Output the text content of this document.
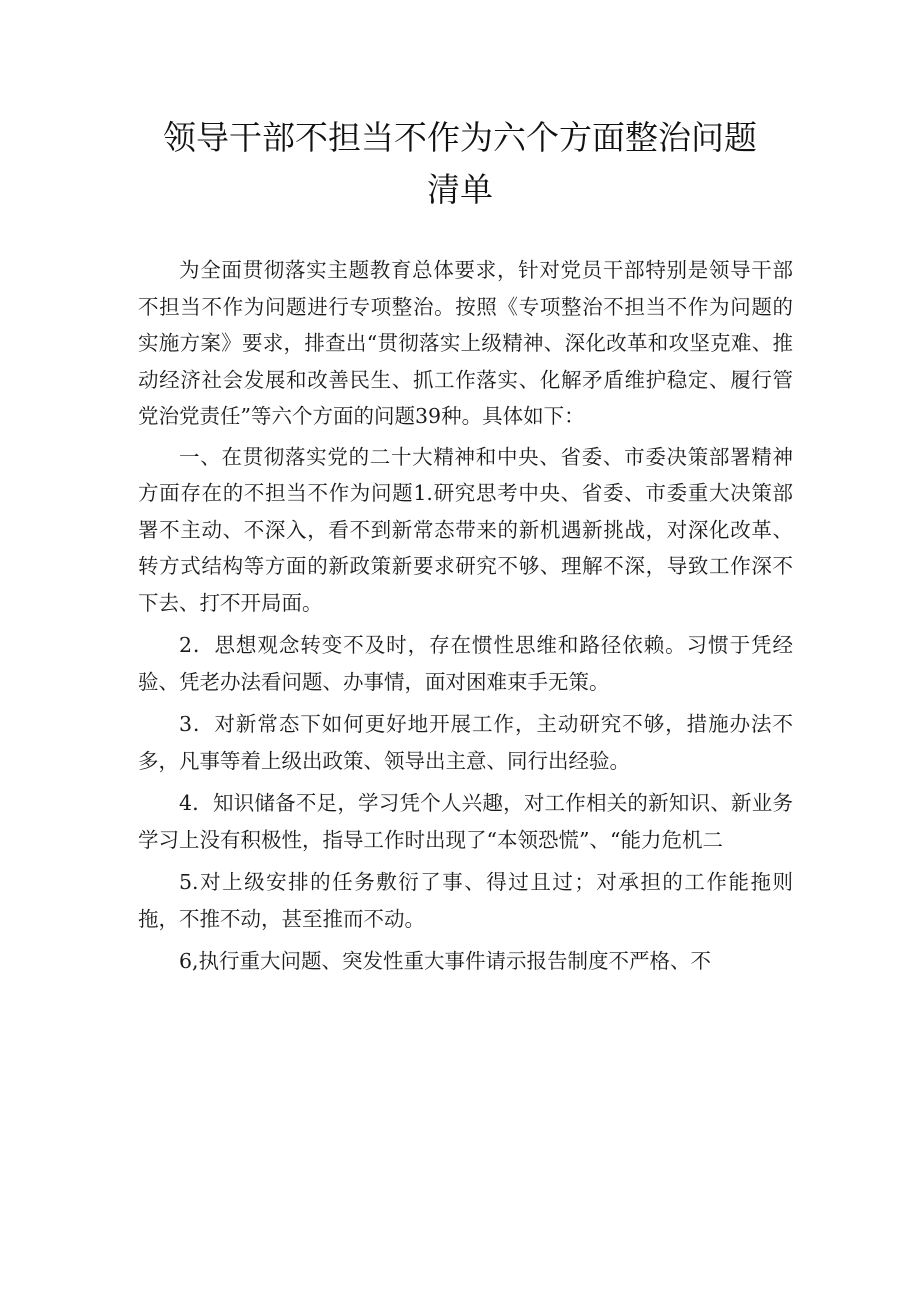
领导干部不担当不作为六个方面整治问题
清单

为全面贯彻落实主题教育总体要求，针对党员干部特别是领导干部不担当不作为问题进行专项整治。按照《专项整治不担当不作为问题的实施方案》要求，排查出“贯彻落实上级精神、深化改革和攻坚克难、推动经济社会发展和改善民生、抓工作落实、化解矛盾维护稳定、履行管党治党责任”等六个方面的问题39种。具体如下：

一、在贯彻落实党的二十大精神和中央、省委、市委决策部署精神方面存在的不担当不作为问题1.研究思考中央、省委、市委重大决策部署不主动、不深入，看不到新常态带来的新机遇新挑战，对深化改革、转方式结构等方面的新政策新要求研究不够、理解不深，导致工作深不下去、打不开局面。

2．思想观念转变不及时，存在惯性思维和路径依赖。习惯于凭经验、凭老办法看问题、办事情，面对困难束手无策。

3．对新常态下如何更好地开展工作，主动研究不够，措施办法不多，凡事等着上级出政策、领导出主意、同行出经验。

4．知识储备不足，学习凭个人兴趣，对工作相关的新知识、新业务学习上没有积极性，指导工作时出现了“本领恐慌”、“能力危机二

5.对上级安排的任务敷衍了事、得过且过；对承担的工作能拖则拖，不推不动，甚至推而不动。

6,执行重大问题、突发性重大事件请示报告制度不严格、不
